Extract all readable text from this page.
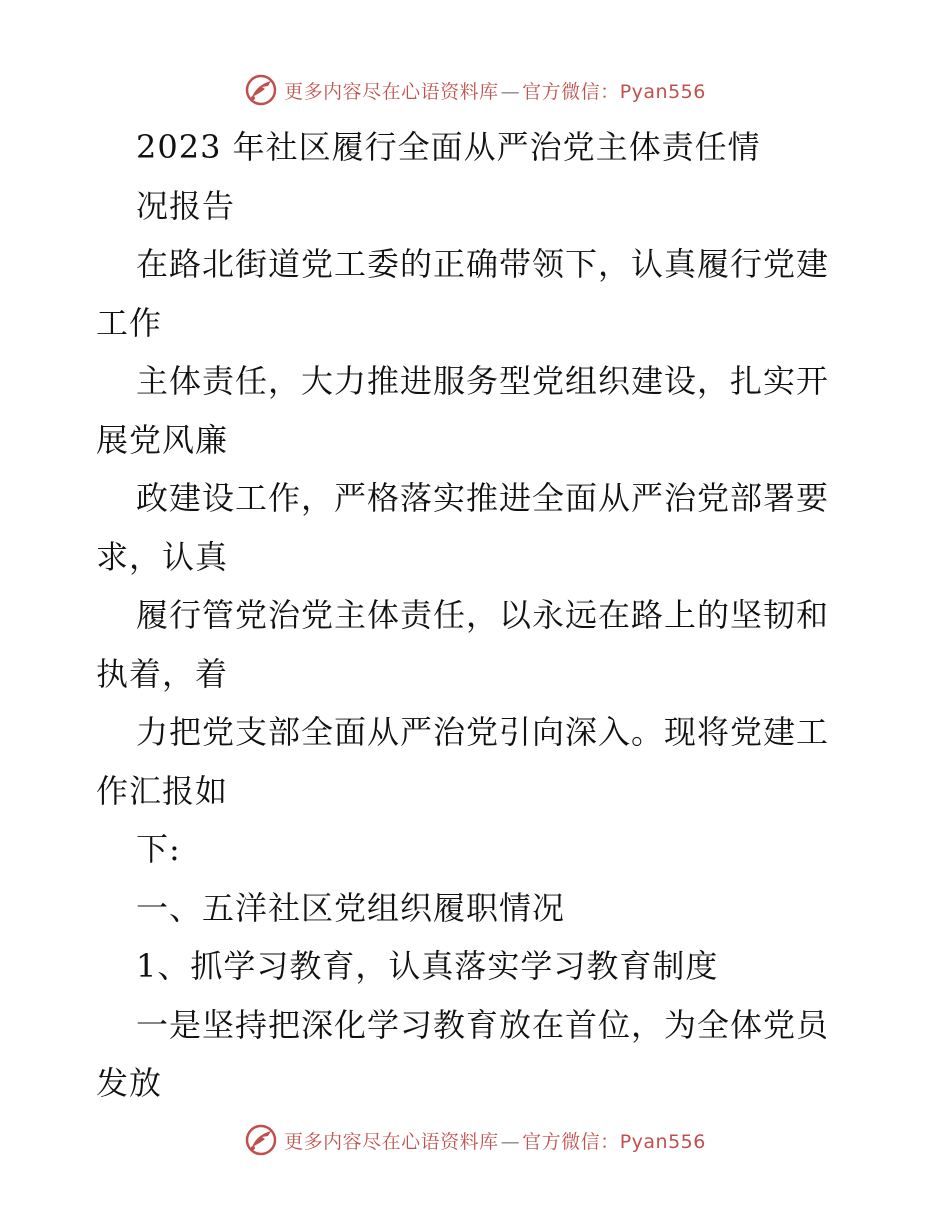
更多内容尽在心语资料库 — 官方微信：Pyan556
2023 年社区履行全面从严治党主体责任情
况报告
在路北街道党工委的正确带领下，认真履行党建
工作
主体责任，大力推进服务型党组织建设，扎实开
展党风廉
政建设工作，严格落实推进全面从严治党部署要
求，认真
履行管党治党主体责任，以永远在路上的坚韧和
执着，着
力把党支部全面从严治党引向深入。现将党建工
作汇报如
下:
一、五洋社区党组织履职情况
1、抓学习教育，认真落实学习教育制度
一是坚持把深化学习教育放在首位，为全体党员
发放
更多内容尽在心语资料库 — 官方微信：Pyan556
